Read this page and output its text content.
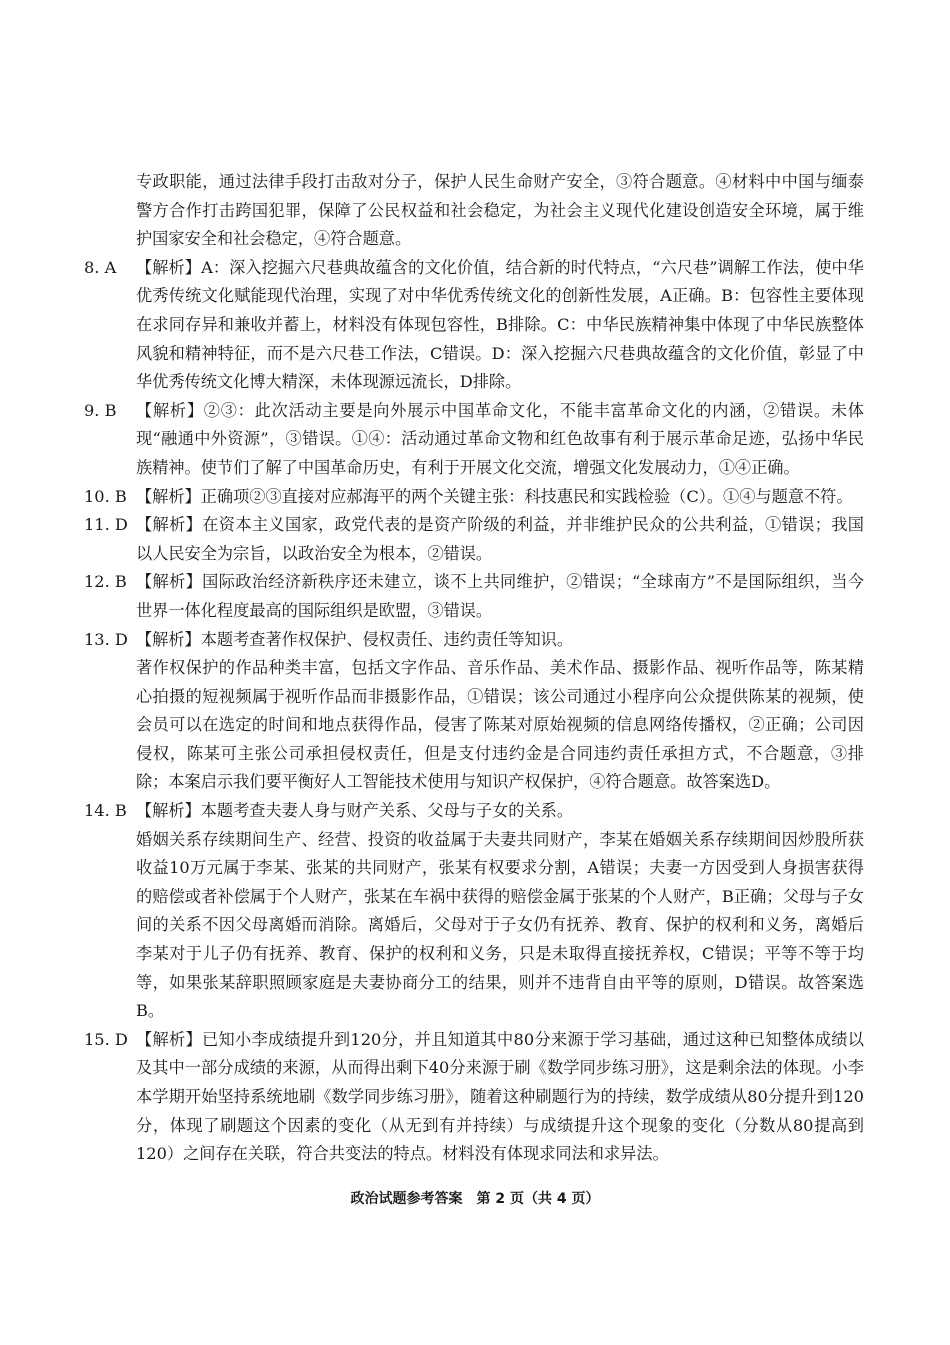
专政职能，通过法律手段打击敌对分子，保护人民生命财产安全，③符合题意。④材料中中国与缅泰警方合作打击跨国犯罪，保障了公民权益和社会稳定，为社会主义现代化建设创造安全环境，属于维护国家安全和社会稳定，④符合题意。

8. A 【解析】A：深入挖掘六尺巷典故蕴含的文化价值，结合新的时代特点，“六尺巷”调解工作法，使中华优秀传统文化赋能现代治理，实现了对中华优秀传统文化的创新性发展，A正确。B：包容性主要体现在求同存异和兼收并蓄上，材料没有体现包容性，B排除。C：中华民族精神集中体现了中华民族整体风貌和精神特征，而不是六尺巷工作法，C错误。D：深入挖掘六尺巷典故蕴含的文化价值，彰显了中华优秀传统文化博大精深，未体现源远流长，D排除。

9. B 【解析】②③：此次活动主要是向外展示中国革命文化，不能丰富革命文化的内涵，②错误。未体现“融通中外资源”，③错误。①④：活动通过革命文物和红色故事有利于展示革命足迹，弘扬中华民族精神。使节们了解了中国革命历史，有利于开展文化交流，增强文化发展动力，①④正确。

10. B 【解析】正确项②③直接对应郝海平的两个关键主张：科技惠民和实践检验（C）。①④与题意不符。

11. D 【解析】在资本主义国家，政党代表的是资产阶级的利益，并非维护民众的公共利益，①错误；我国以人民安全为宗旨，以政治安全为根本，②错误。

12. B 【解析】国际政治经济新秩序还未建立，谈不上共同维护，②错误；“全球南方”不是国际组织，当今世界一体化程度最高的国际组织是欧盟，③错误。

13. D 【解析】本题考查著作权保护、侵权责任、违约责任等知识。

著作权保护的作品种类丰富，包括文字作品、音乐作品、美术作品、摄影作品、视听作品等，陈某精心拍摄的短视频属于视听作品而非摄影作品，①错误；该公司通过小程序向公众提供陈某的视频，使会员可以在选定的时间和地点获得作品，侵害了陈某对原始视频的信息网络传播权，②正确；公司因侵权，陈某可主张公司承担侵权责任，但是支付违约金是合同违约责任承担方式，不合题意，③排除；本案启示我们要平衡好人工智能技术使用与知识产权保护，④符合题意。故答案选D。

14. B 【解析】本题考查夫妻人身与财产关系、父母与子女的关系。

婚姻关系存续期间生产、经营、投资的收益属于夫妻共同财产，李某在婚姻关系存续期间因炒股所获收益10万元属于李某、张某的共同财产，张某有权要求分割，A错误；夫妻一方因受到人身损害获得的赔偿或者补偿属于个人财产，张某在车祸中获得的赔偿金属于张某的个人财产，B正确；父母与子女间的关系不因父母离婚而消除。离婚后，父母对于子女仍有抚养、教育、保护的权利和义务，离婚后李某对于儿子仍有抚养、教育、保护的权利和义务，只是未取得直接抚养权，C错误；平等不等于均等，如果张某辞职照顾家庭是夫妻协商分工的结果，则并不违背自由平等的原则，D错误。故答案选B。

15. D 【解析】已知小李成绩提升到120分，并且知道其中80分来源于学习基础，通过这种已知整体成绩以及其中一部分成绩的来源，从而得出剩下40分来源于刷《数学同步练习册》，这是剩余法的体现。小李本学期开始坚持系统地刷《数学同步练习册》，随着这种刷题行为的持续，数学成绩从80分提升到120分，体现了刷题这个因素的变化（从无到有并持续）与成绩提升这个现象的变化（分数从80提高到120）之间存在关联，符合共变法的特点。材料没有体现求同法和求异法。

政治试题参考答案　第 2 页（共 4 页）
